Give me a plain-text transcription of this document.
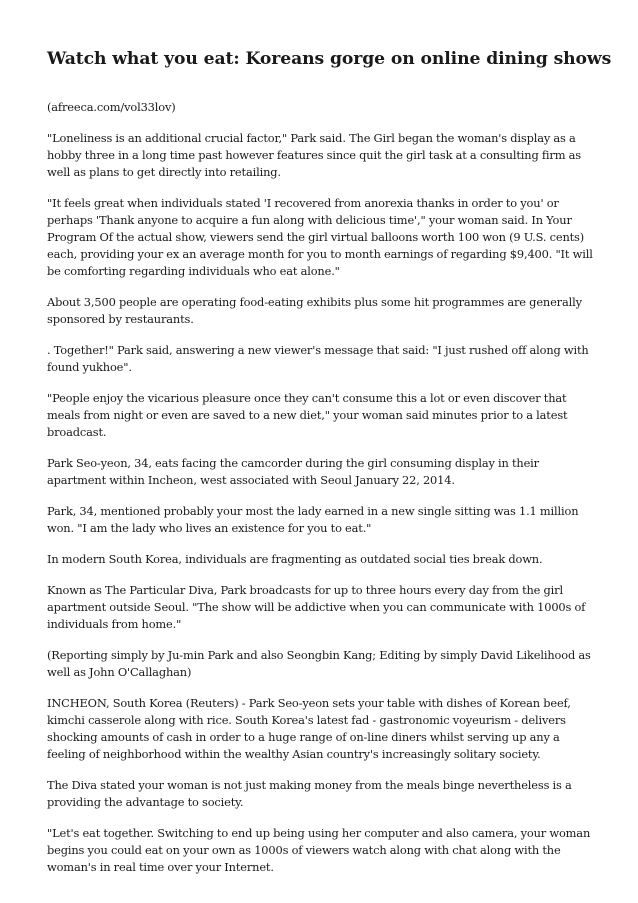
Watch what you eat: Koreans gorge on online dining shows

(afreeca.com/vol33lov)

"Loneliness is an additional crucial factor," Park said. The Girl began the woman's display as a hobby three in a long time past however features since quit the girl task at a consulting firm as well as plans to get directly into retailing.

"It feels great when individuals stated 'I recovered from anorexia thanks in order to you' or perhaps 'Thank anyone to acquire a fun along with delicious time'," your woman said. In Your Program Of the actual show, viewers send the girl virtual balloons worth 100 won (9 U.S. cents) each, providing your ex an average month for you to month earnings of regarding $9,400. "It will be comforting regarding individuals who eat alone."

About 3,500 people are operating food-eating exhibits plus some hit programmes are generally sponsored by restaurants.

. Together!" Park said, answering a new viewer's message that said: "I just rushed off along with found yukhoe".

"People enjoy the vicarious pleasure once they can't consume this a lot or even discover that meals from night or even are saved to a new diet," your woman said minutes prior to a latest broadcast.

Park Seo-yeon, 34, eats facing the camcorder during the girl consuming display in their apartment within Incheon, west associated with Seoul January 22, 2014.

Park, 34, mentioned probably your most the lady earned in a new single sitting was 1.1 million won. "I am the lady who lives an existence for you to eat."

In modern South Korea, individuals are fragmenting as outdated social ties break down.

Known as The Particular Diva, Park broadcasts for up to three hours every day from the girl apartment outside Seoul. "The show will be addictive when you can communicate with 1000s of individuals from home."

(Reporting simply by Ju-min Park and also Seongbin Kang; Editing by simply David Likelihood as well as John O'Callaghan)

INCHEON, South Korea (Reuters) - Park Seo-yeon sets your table with dishes of Korean beef, kimchi casserole along with rice. South Korea's latest fad - gastronomic voyeurism - delivers shocking amounts of cash in order to a huge range of on-line diners whilst serving up any a feeling of neighborhood within the wealthy Asian country's increasingly solitary society.

The Diva stated your woman is not just making money from the meals binge nevertheless is a providing the advantage to society.

"Let's eat together. Switching to end up being using her computer and also camera, your woman begins you could eat on your own as 1000s of viewers watch along with chat along with the woman's in real time over your Internet.
